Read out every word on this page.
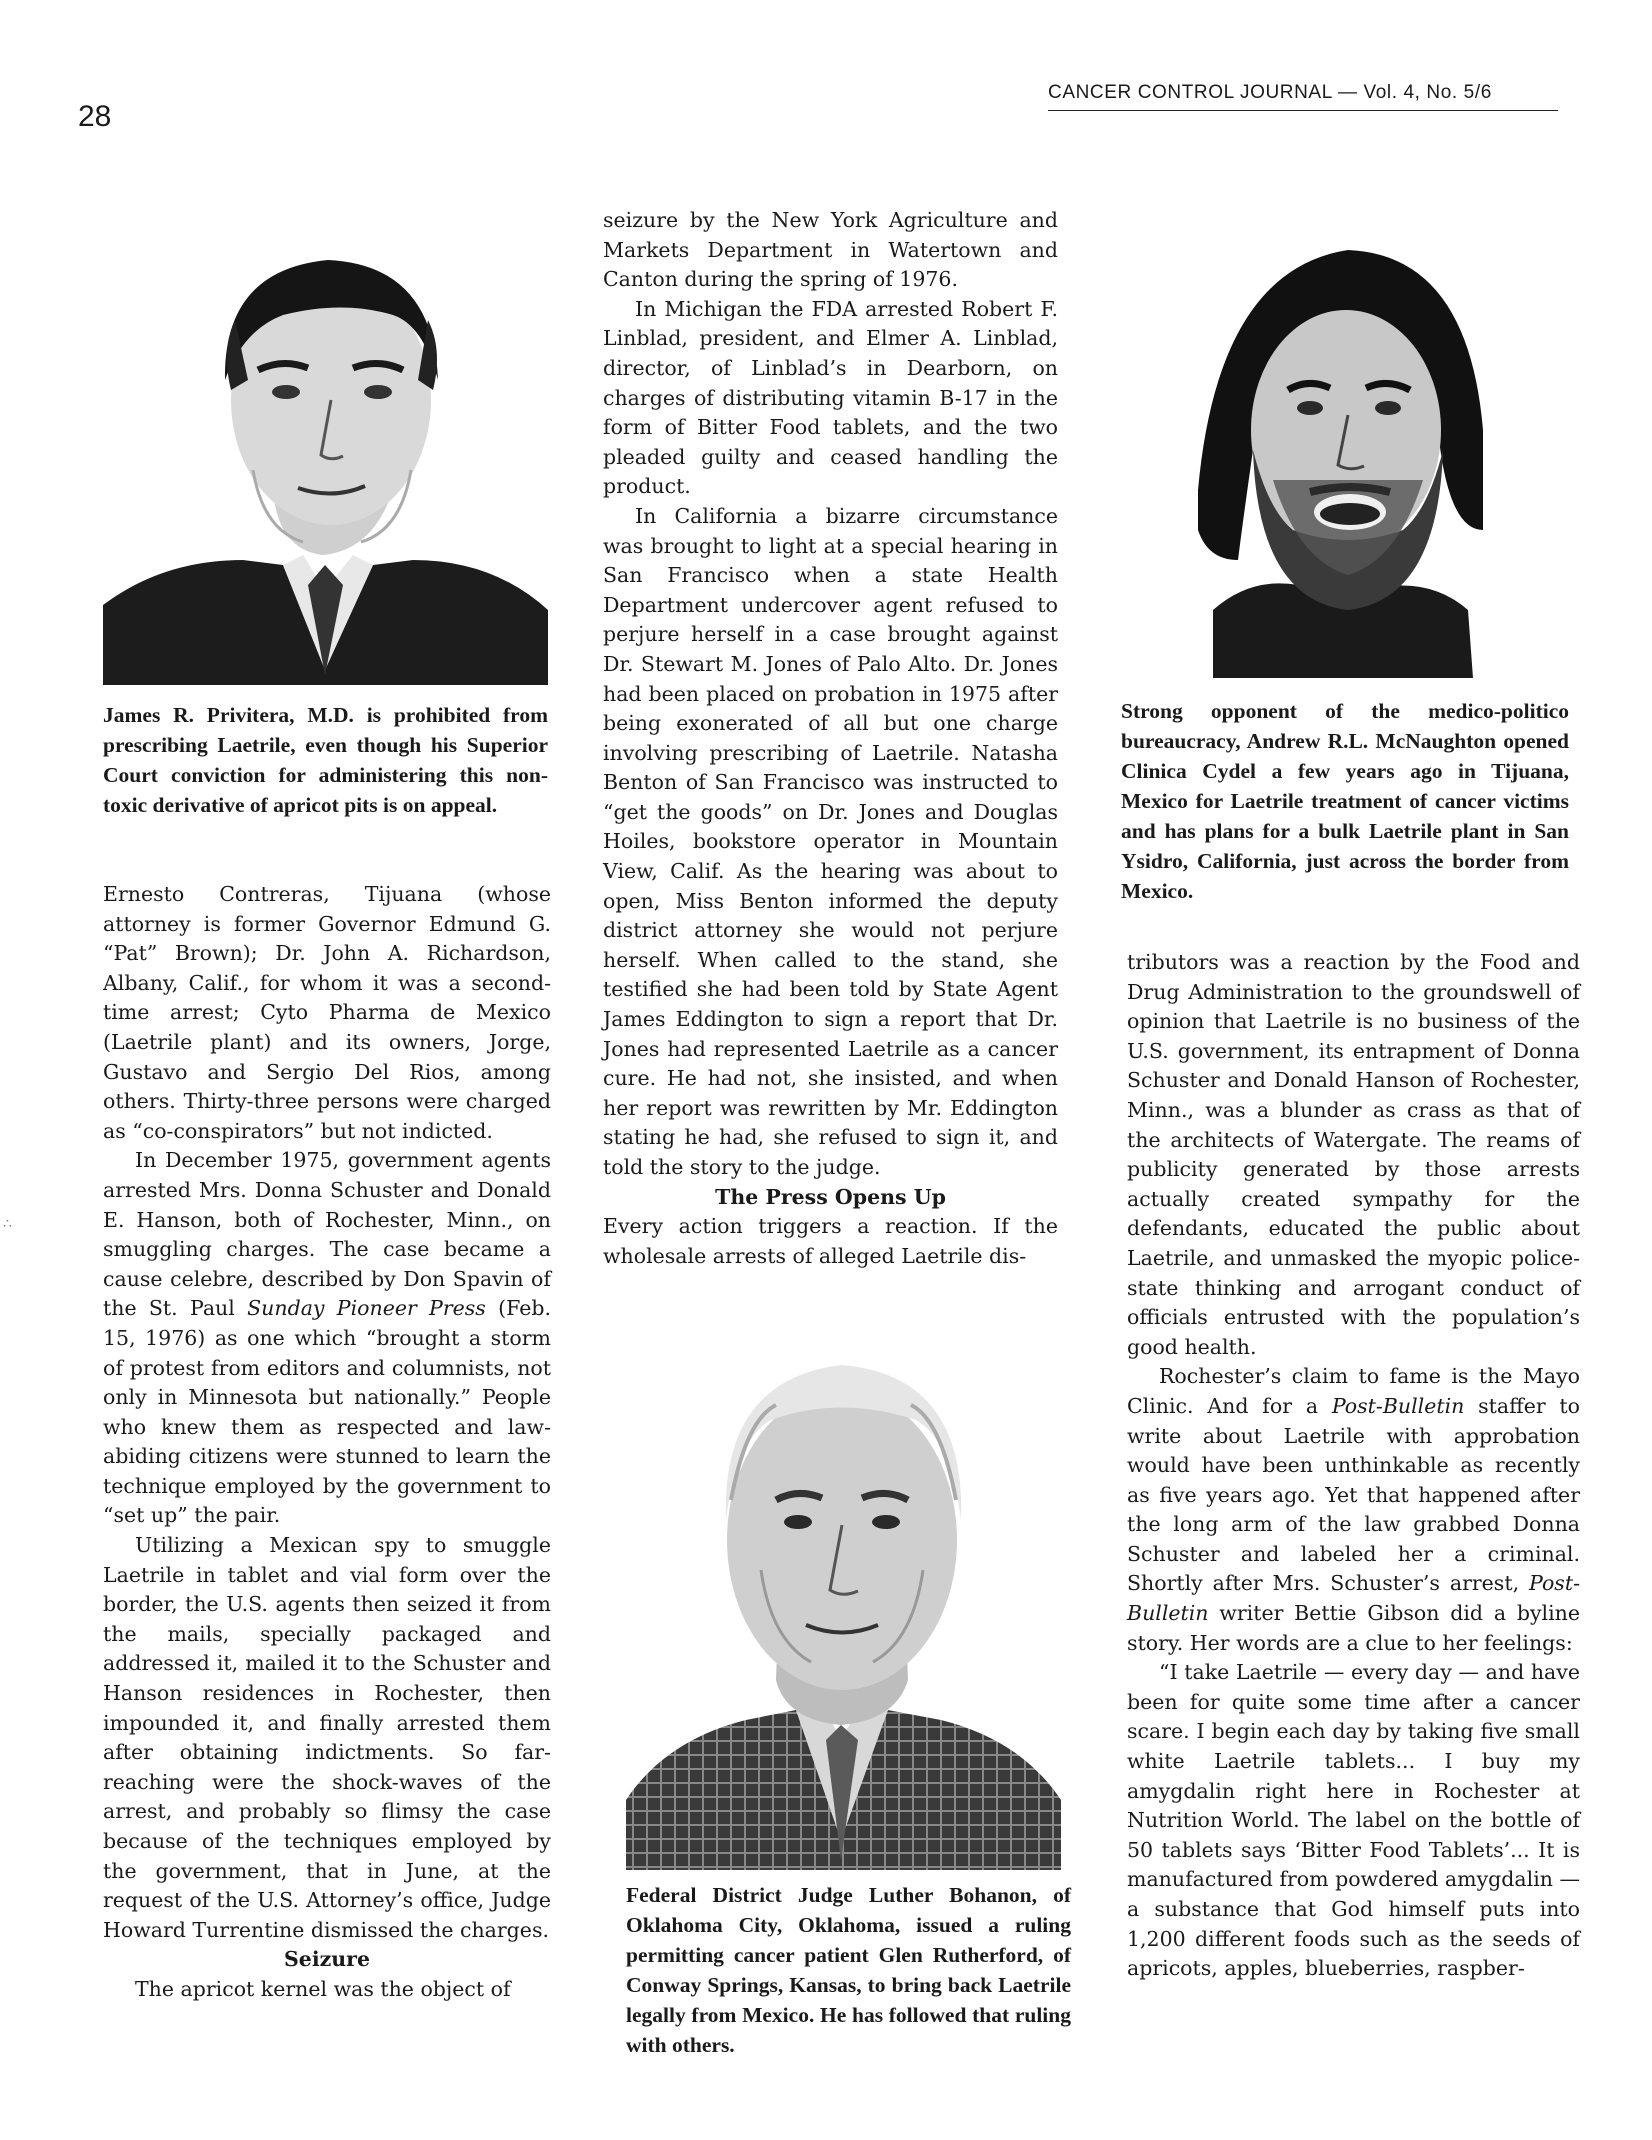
28
CANCER CONTROL JOURNAL — Vol. 4, No. 5/6
∴
James R. Privitera, M.D. is prohibited from prescribing Laetrile, even though his Superior Court conviction for administering this non-toxic derivative of apricot pits is on appeal.
Strong opponent of the medico-politico bureaucracy, Andrew R.L. McNaughton opened Clinica Cydel a few years ago in Tijuana, Mexico for Laetrile treatment of cancer victims and has plans for a bulk Laetrile plant in San Ysidro, California, just across the border from Mexico.
Federal District Judge Luther Bohanon, of Oklahoma City, Oklahoma, issued a ruling permitting cancer patient Glen Rutherford, of Conway Springs, Kansas, to bring back Laetrile legally from Mexico. He has followed that ruling with others.

Ernesto Contreras, Tijuana (whose attorney is former Governor Edmund G. “Pat” Brown); Dr. John A. Richardson, Albany, Calif., for whom it was a second-time arrest; Cyto Pharma de Mexico (Laetrile plant) and its owners, Jorge, Gustavo and Sergio Del Rios, among others. Thirty-three persons were charged as “co-conspirators” but not indicted.

In December 1975, government agents arrested Mrs. Donna Schuster and Donald E. Hanson, both of Rochester, Minn., on smuggling charges. The case became a cause celebre, described by Don Spavin of the St. Paul Sunday Pioneer Press (Feb. 15, 1976) as one which “brought a storm of protest from editors and columnists, not only in Minnesota but nationally.” People who knew them as respected and law-abiding citizens were stunned to learn the technique employed by the government to “set up” the pair.

Utilizing a Mexican spy to smuggle Laetrile in tablet and vial form over the border, the U.S. agents then seized it from the mails, specially packaged and addressed it, mailed it to the Schuster and Hanson residences in Rochester, then impounded it, and finally arrested them after obtaining indictments. So far-reaching were the shock-waves of the arrest, and probably so flimsy the case because of the techniques employed by the government, that in June, at the request of the U.S. Attorney’s office, Judge Howard Turrentine dismissed the charges.

Seizure

The apricot kernel was the object of

seizure by the New York Agriculture and Markets Department in Watertown and Canton during the spring of 1976.

In Michigan the FDA arrested Robert F. Linblad, president, and Elmer A. Linblad, director, of Linblad’s in Dearborn, on charges of distributing vitamin B-17 in the form of Bitter Food tablets, and the two pleaded guilty and ceased handling the product.

In California a bizarre circumstance was brought to light at a special hearing in San Francisco when a state Health Department undercover agent refused to perjure herself in a case brought against Dr. Stewart M. Jones of Palo Alto. Dr. Jones had been placed on probation in 1975 after being exonerated of all but one charge involving prescribing of Laetrile. Natasha Benton of San Francisco was instructed to “get the goods” on Dr. Jones and Douglas Hoiles, bookstore operator in Mountain View, Calif. As the hearing was about to open, Miss Benton informed the deputy district attorney she would not perjure herself. When called to the stand, she testified she had been told by State Agent James Eddington to sign a report that Dr. Jones had represented Laetrile as a cancer cure. He had not, she insisted, and when her report was rewritten by Mr. Eddington stating he had, she refused to sign it, and told the story to the judge.

The Press Opens Up

Every action triggers a reaction. If the wholesale arrests of alleged Laetrile dis-

tributors was a reaction by the Food and Drug Administration to the groundswell of opinion that Laetrile is no business of the U.S. government, its entrapment of Donna Schuster and Donald Hanson of Rochester, Minn., was a blunder as crass as that of the architects of Watergate. The reams of publicity generated by those arrests actually created sympathy for the defendants, educated the public about Laetrile, and unmasked the myopic police-state thinking and arrogant conduct of officials entrusted with the population’s good health.

Rochester’s claim to fame is the Mayo Clinic. And for a Post-Bulletin staffer to write about Laetrile with approbation would have been unthinkable as recently as five years ago. Yet that happened after the long arm of the law grabbed Donna Schuster and labeled her a criminal. Shortly after Mrs. Schuster’s arrest, Post-Bulletin writer Bettie Gibson did a byline story. Her words are a clue to her feelings:

“I take Laetrile — every day — and have been for quite some time after a cancer scare. I begin each day by taking five small white Laetrile tablets... I buy my amygdalin right here in Rochester at Nutrition World. The label on the bottle of 50 tablets says ‘Bitter Food Tablets’... It is manufactured from powdered amygdalin — a substance that God himself puts into 1,200 different foods such as the seeds of apricots, apples, blueberries, raspber-
